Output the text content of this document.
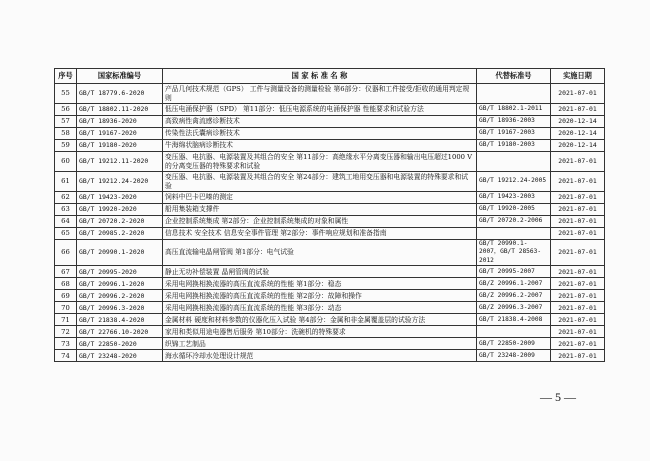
序号	国家标准编号	国 家 标 准 名 称	代替标准号	实施日期
55	GB/T 18779.6-2020	产品几何技术规范（GPS） 工件与测量设备的测量检验 第6部分：仪器和工件接受/拒收的通用判定规则		2021-07-01
56	GB/T 18802.11-2020	低压电涌保护器（SPD） 第11部分：低压电源系统的电涌保护器 性能要求和试验方法	GB/T 18802.1-2011	2021-07-01
57	GB/T 18936-2020	高致病性禽流感诊断技术	GB/T 18936-2003	2020-12-14
58	GB/T 19167-2020	传染性法氏囊病诊断技术	GB/T 19167-2003	2020-12-14
59	GB/T 19180-2020	牛海绵状脑病诊断技术	GB/T 19180-2003	2020-12-14
60	GB/T 19212.11-2020	变压器、电抗器、电源装置及其组合的安全 第11部分：高绝缘水平分离变压器和输出电压超过1000 V的分离变压器的特殊要求和试验		2021-07-01
61	GB/T 19212.24-2020	变压器、电抗器、电源装置及其组合的安全 第24部分：建筑工地用变压器和电源装置的特殊要求和试验	GB/T 19212.24-2005	2021-07-01
62	GB/T 19423-2020	饲料中巴卡巴嗪的测定	GB/T 19423-2003	2021-07-01
63	GB/T 19920-2020	船用集装箱支撑件	GB/T 19920-2005	2021-07-01
64	GB/T 20720.2-2020	企业控制系统集成 第2部分：企业控制系统集成的对象和属性	GB/T 20720.2-2006	2021-07-01
65	GB/T 20985.2-2020	信息技术 安全技术 信息安全事件管理 第2部分：事件响应规划和准备指南		2021-07-01
66	GB/T 20990.1-2020	高压直流输电晶闸管阀 第1部分：电气试验	GB/T 20990.1-2007，GB/T 28563-2012	2021-07-01
67	GB/T 20995-2020	静止无功补偿装置 晶闸管阀的试验	GB/T 20995-2007	2021-07-01
68	GB/T 20996.1-2020	采用电网换相换流器的高压直流系统的性能 第1部分：稳态	GB/Z 20996.1-2007	2021-07-01
69	GB/T 20996.2-2020	采用电网换相换流器的高压直流系统的性能 第2部分：故障和操作	GB/Z 20996.2-2007	2021-07-01
70	GB/T 20996.3-2020	采用电网换相换流器的高压直流系统的性能 第3部分：动态	GB/Z 20996.3-2007	2021-07-01
71	GB/T 21838.4-2020	金属材料 硬度和材料参数的仪器化压入试验 第4部分：金属和非金属覆盖层的试验方法	GB/T 21838.4-2008	2021-07-01
72	GB/T 22766.10-2020	家用和类似用途电器售后服务 第10部分：洗碗机的特殊要求		2021-07-01
73	GB/T 22850-2020	织锦工艺制品	GB/T 22850-2009	2021-07-01
74	GB/T 23248-2020	海水循环冷却水处理设计规范	GB/T 23248-2009	2021-07-01
— 5 —
